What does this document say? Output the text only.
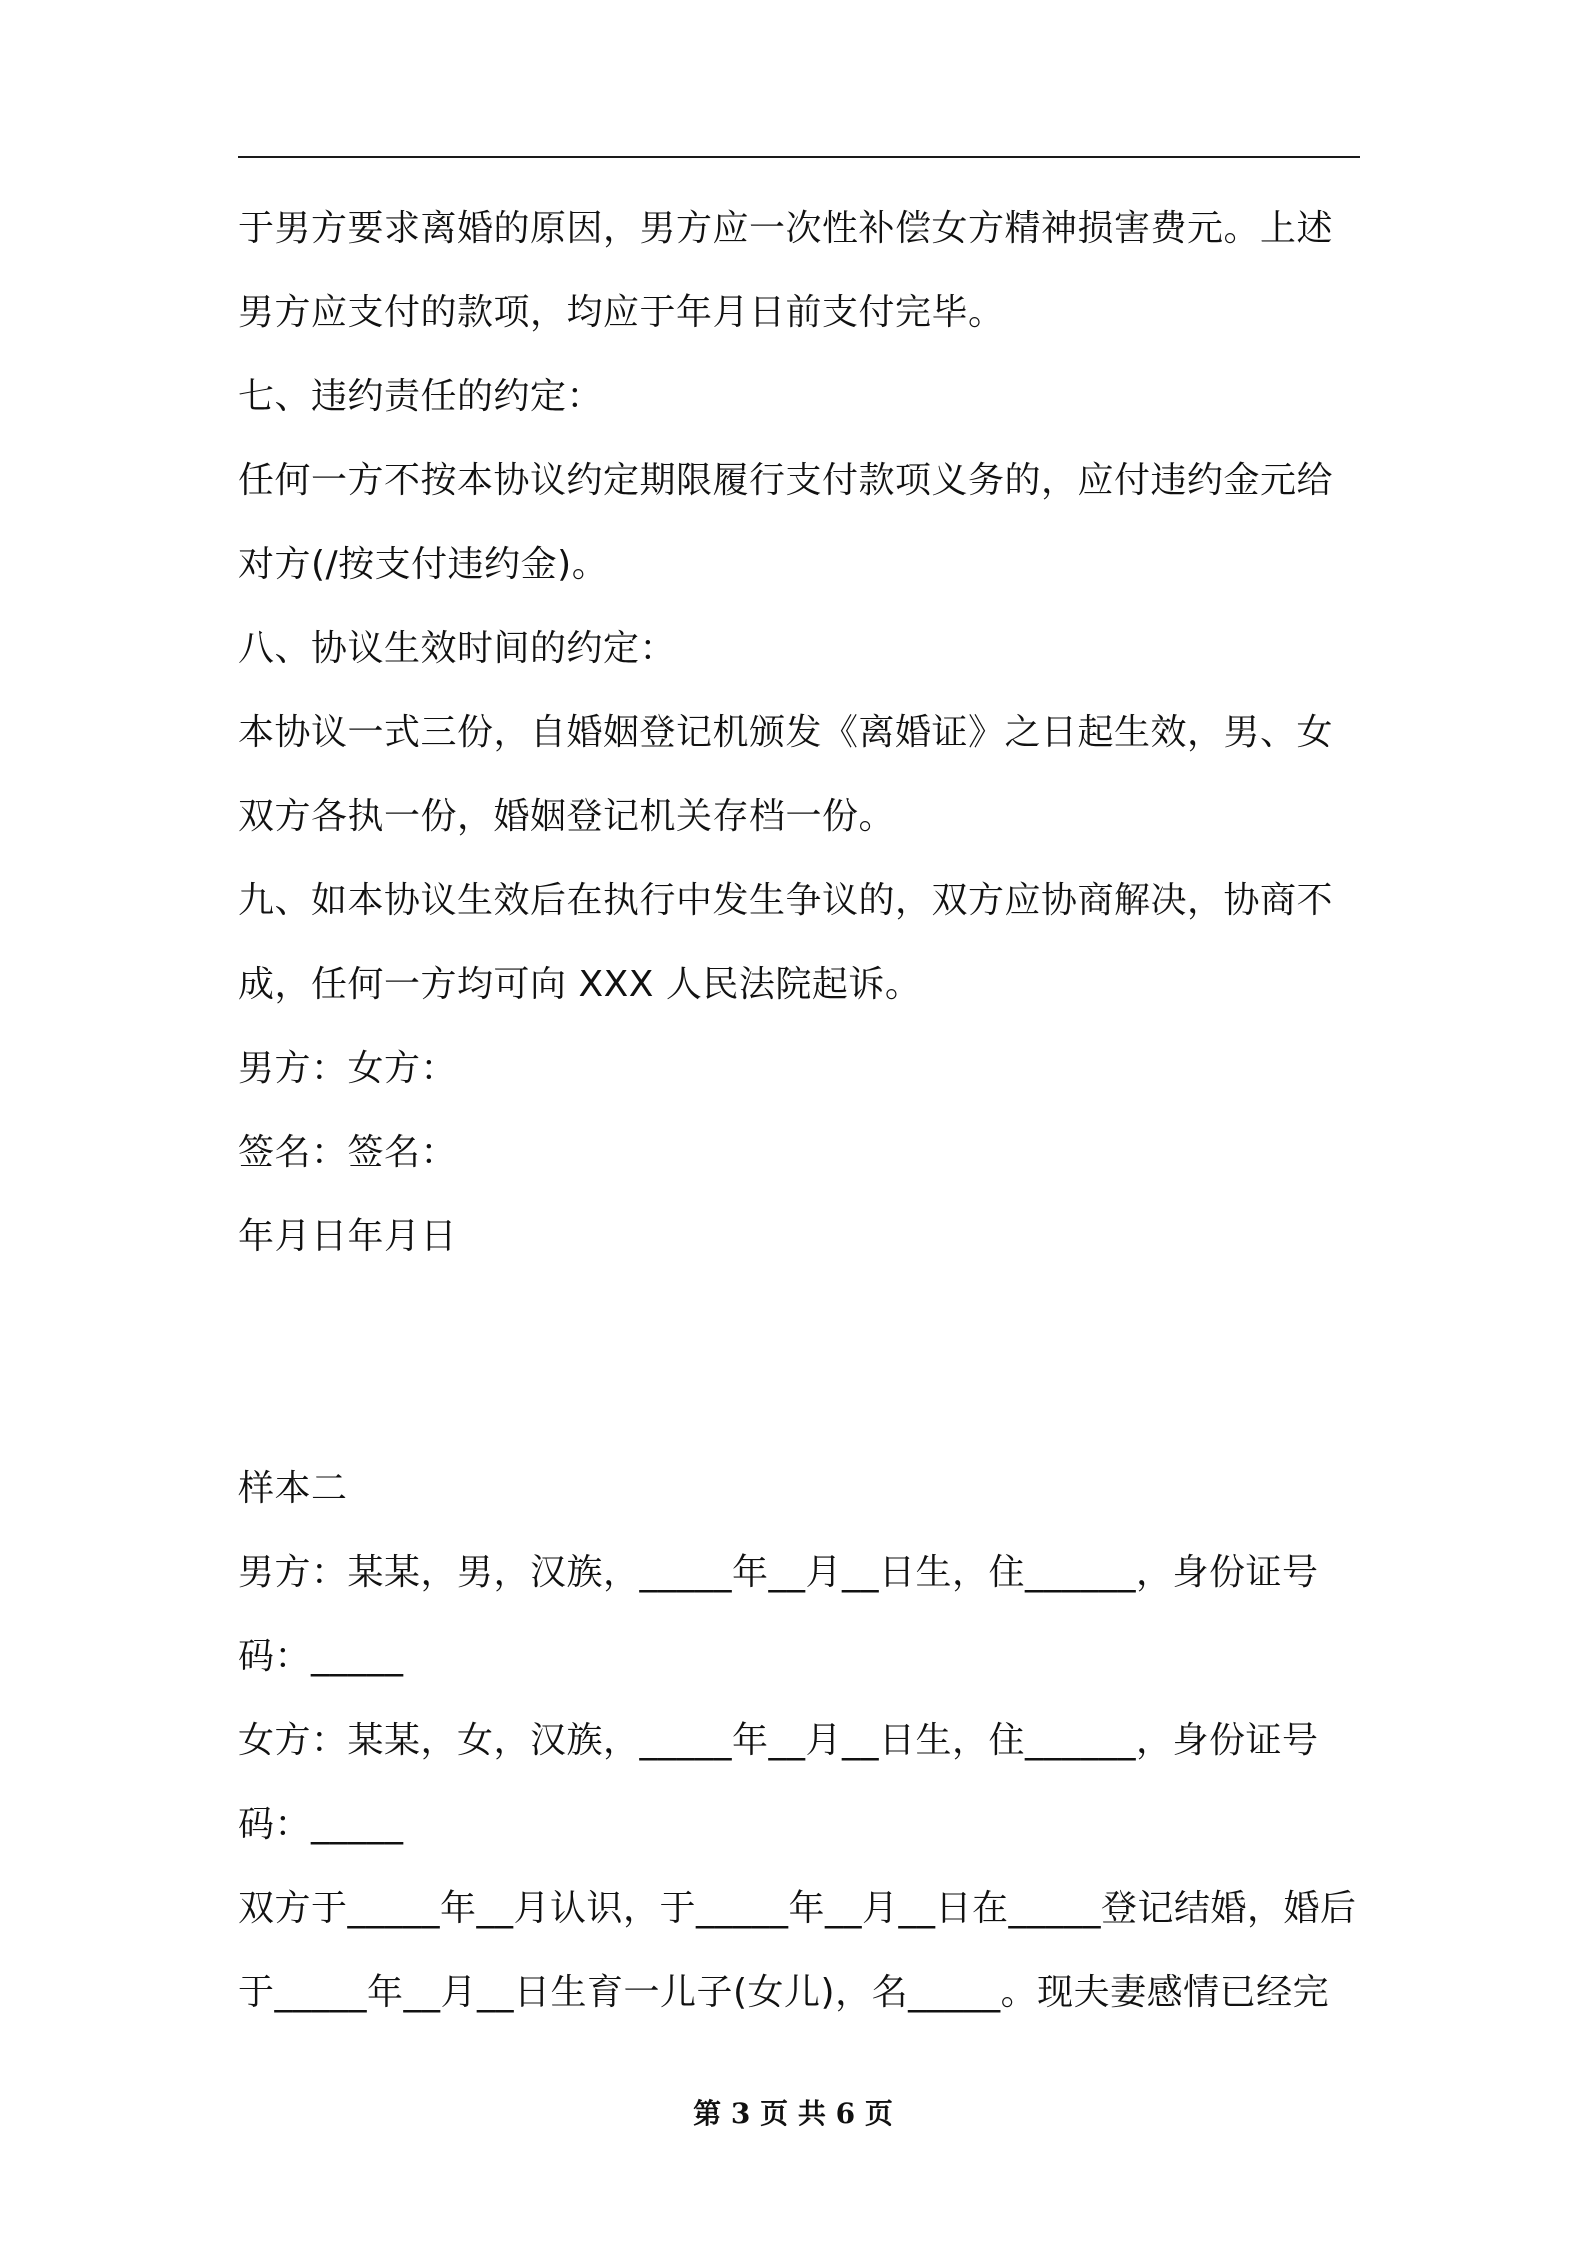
于男方要求离婚的原因，男方应一次性补偿女方精神损害费元。上述
男方应支付的款项，均应于年月日前支付完毕。
七、违约责任的约定：
任何一方不按本协议约定期限履行支付款项义务的，应付违约金元给
对方(/按支付违约金)。
八、协议生效时间的约定：
本协议一式三份，自婚姻登记机颁发《离婚证》之日起生效，男、女
双方各执一份，婚姻登记机关存档一份。
九、如本协议生效后在执行中发生争议的，双方应协商解决，协商不
成，任何一方均可向 XXX 人民法院起诉。
男方：女方：
签名：签名：
年月日年月日
样本二
男方：某某，男，汉族，_____年__月__日生，住______，身份证号
码：_____
女方：某某，女，汉族，_____年__月__日生，住______，身份证号
码：_____
双方于_____年__月认识，于_____年__月__日在_____登记结婚，婚后
于_____年__月__日生育一儿子(女儿)，名_____。现夫妻感情已经完
第 3 页 共 6 页
